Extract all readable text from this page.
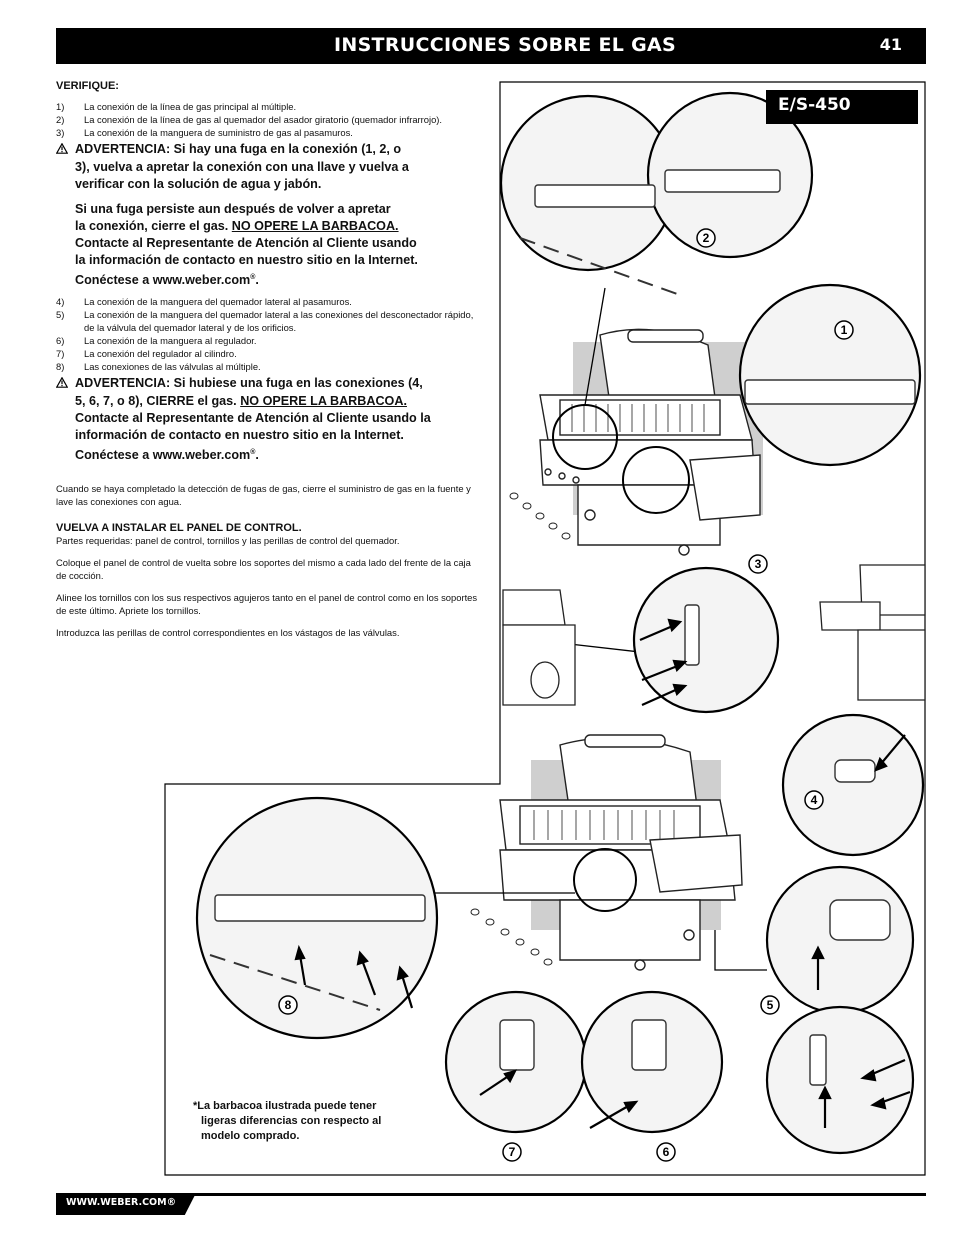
INSTRUCCIONES SOBRE EL GAS	41
VERIFIQUE:
1)	La conexión de la línea de gas principal al múltiple.
2)	La conexión de la línea de gas al quemador del asador giratorio (quemador infrarrojo).
3)	La conexión de la manguera de suministro de gas al pasamuros.
ADVERTENCIA: Si hay una fuga en la conexión (1, 2, o
3), vuelva a apretar la conexión con una llave y vuelva a
verificar con la solución de agua y jabón.
Si una fuga persiste aun después de volver a apretar
la conexión, cierre el gas. NO OPERE LA BARBACOA.
Contacte al Representante de Atención al Cliente usando
la información de contacto en nuestro sitio en la Internet.
Conéctese a www.weber.com®.
4)	La conexión de la manguera del quemador lateral al pasamuros.
5)	La conexión de la manguera del quemador lateral a las conexiones del desconectador rápido, de la válvula del quemador lateral y de los orificios.
6)	La conexión de la manguera al regulador.
7)	La conexión del regulador al cilindro.
8)	Las conexiones de las válvulas al múltiple.
ADVERTENCIA: Si hubiese una fuga en las conexiones (4,
5, 6, 7, o 8), CIERRE el gas. NO OPERE LA BARBACOA.
Contacte al Representante de Atención al Cliente usando la
información de contacto en nuestro sitio en la Internet.
Conéctese a www.weber.com®.

Cuando se haya completado la detección de fugas de gas, cierre el suministro de gas en la fuente y lave las conexiones con agua.

VUELVA A INSTALAR EL PANEL DE CONTROL.

Partes requeridas: panel de control, tornillos y las perillas de control del quemador.

Coloque el panel de control de vuelta sobre los soportes del mismo a cada lado del frente de la caja de cocción.

Alinee los tornillos con los sus respectivos agujeros tanto en el panel de control como en los soportes de este último. Apriete los tornillos.

Introduzca las perillas de control correspondientes en los vástagos de las válvulas.

1
2
3
4
5
6
7
8
E/S-450
*La barbacoa ilustrada puede tener
ligeras diferencias con respecto al
modelo comprado.
WWW.WEBER.COM®
